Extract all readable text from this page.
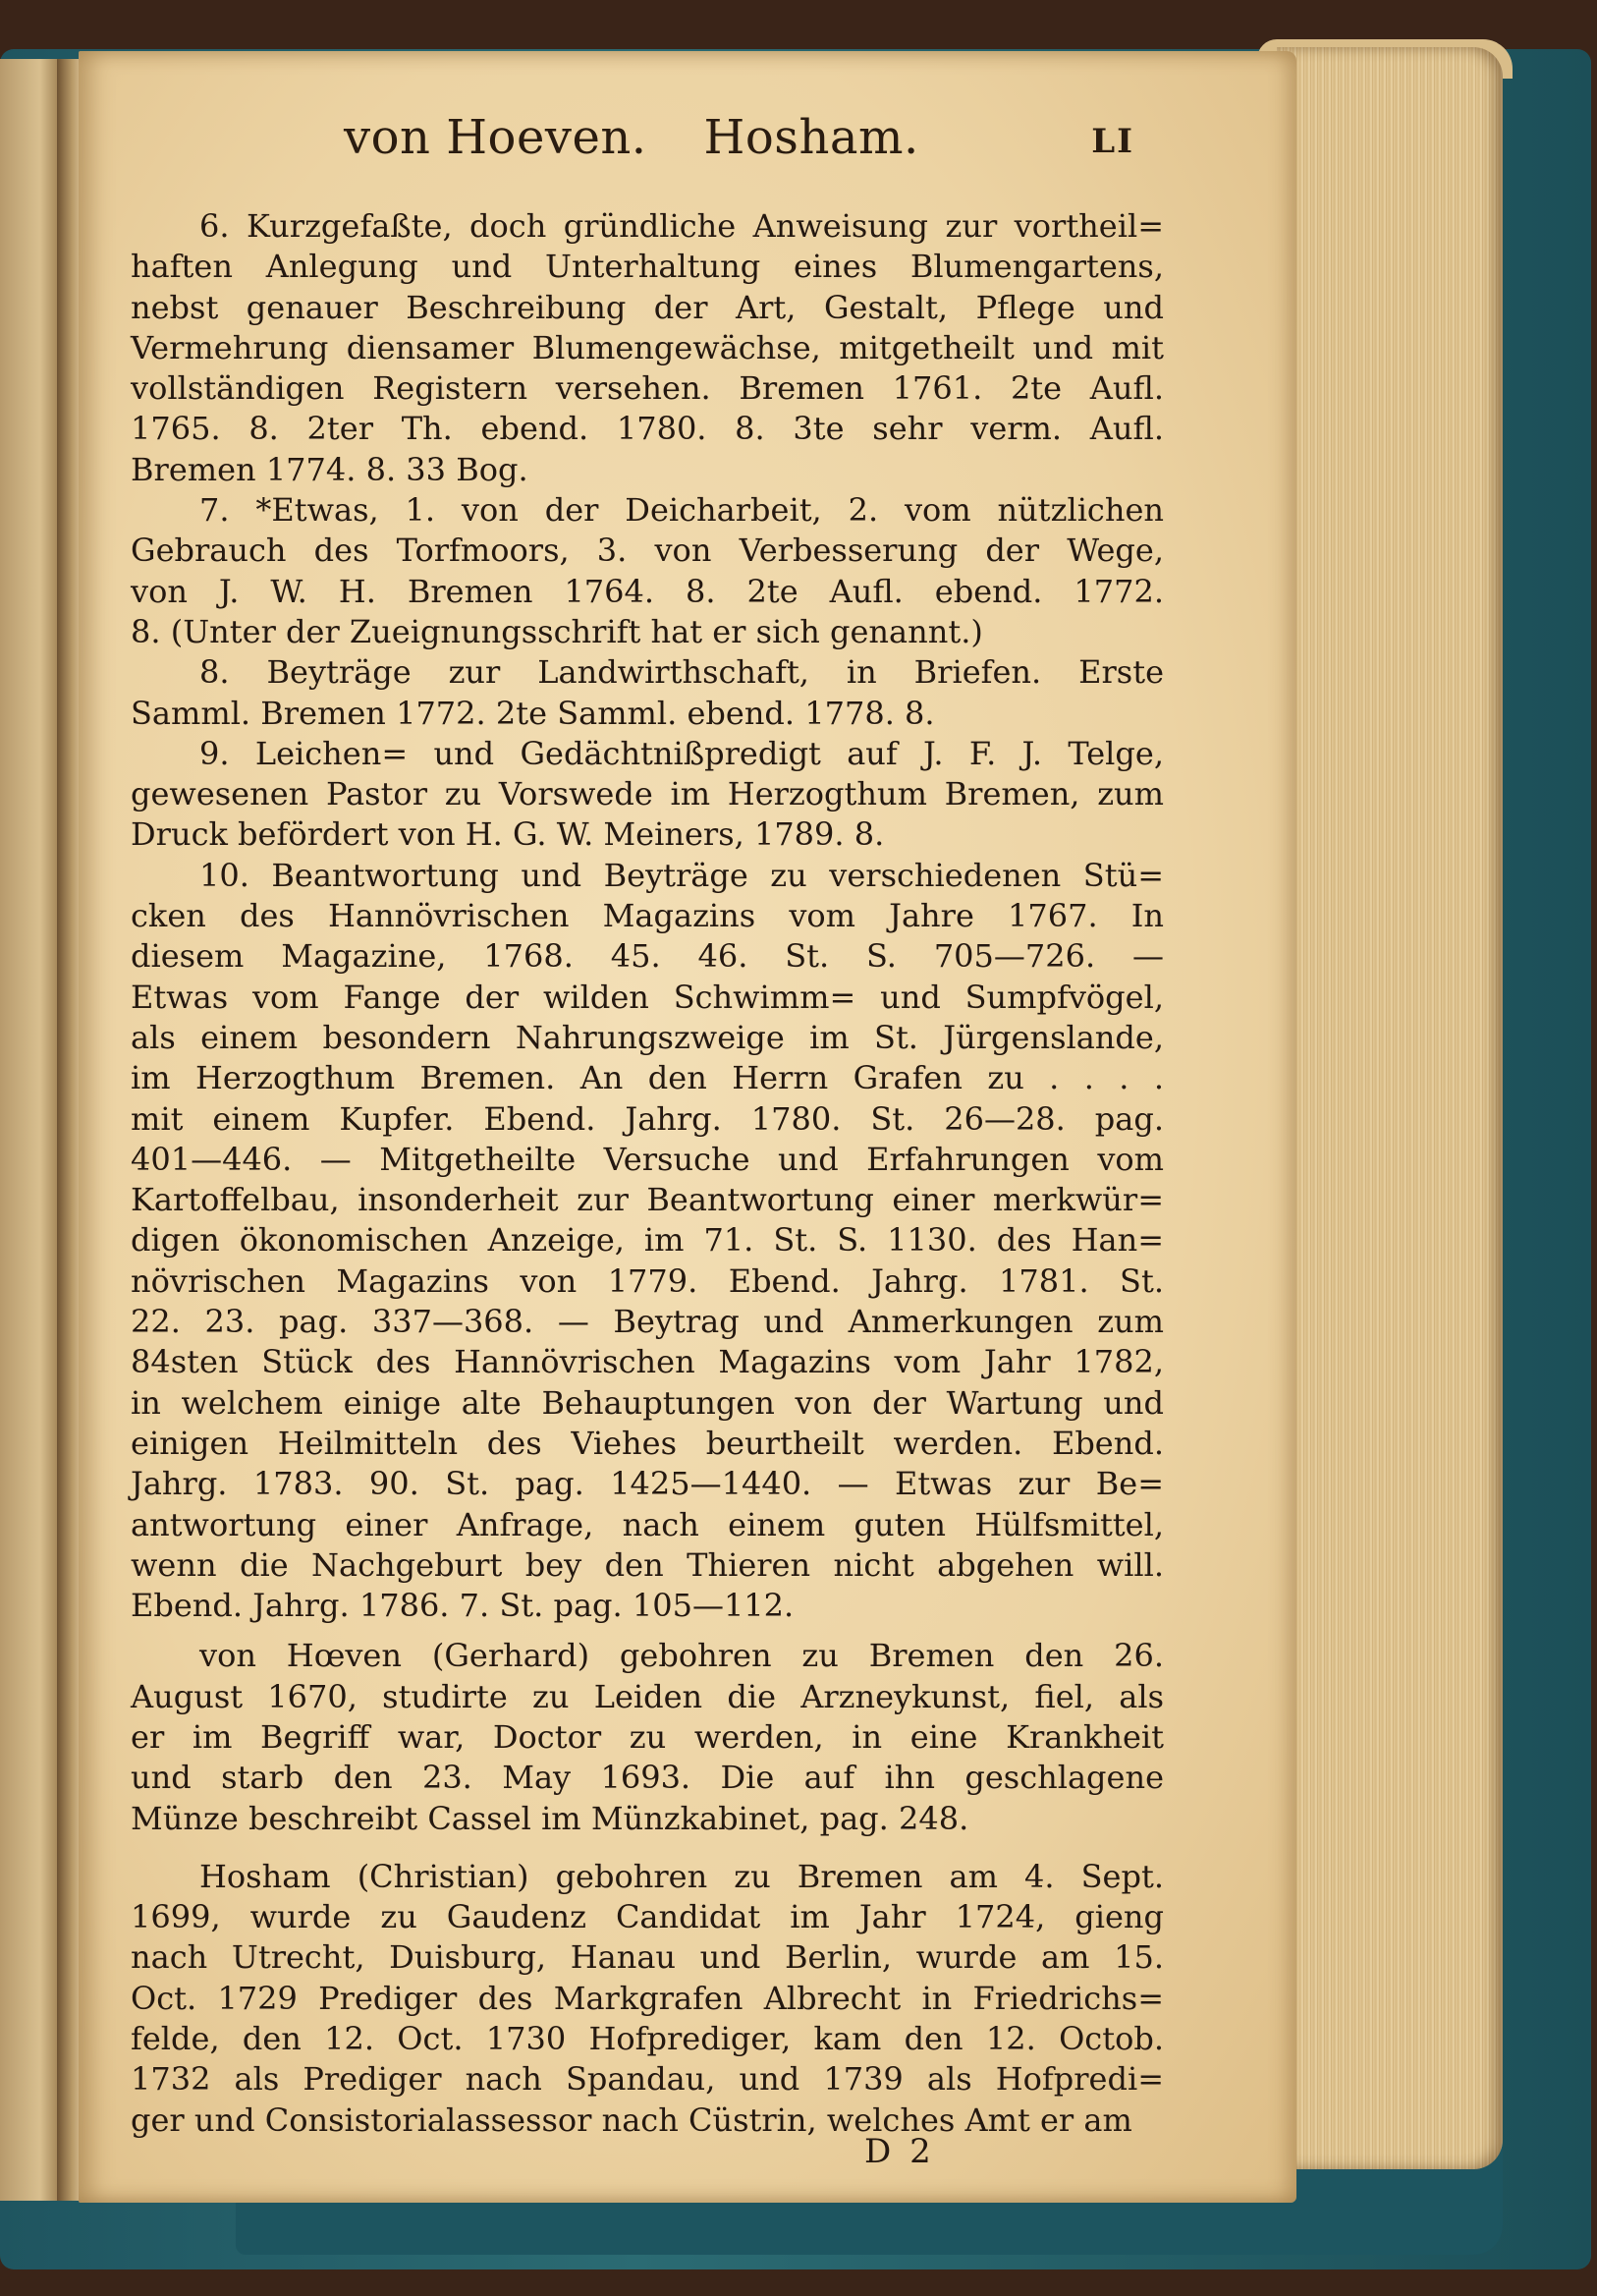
von Hoeven. Hosham.	LI
6. Kurzgefaßte, doch gründliche Anweisung zur vortheil=
haften Anlegung und Unterhaltung eines Blumengartens,
nebst genauer Beschreibung der Art, Gestalt, Pflege und
Vermehrung diensamer Blumengewächse, mitgetheilt und mit
vollständigen Registern versehen. Bremen 1761. 2te Aufl.
1765. 8. 2ter Th. ebend. 1780. 8. 3te sehr verm. Aufl.
Bremen 1774. 8. 33 Bog.
7. *Etwas, 1. von der Deicharbeit, 2. vom nützlichen
Gebrauch des Torfmoors, 3. von Verbesserung der Wege,
von J. W. H. Bremen 1764. 8. 2te Aufl. ebend. 1772.
8. (Unter der Zueignungsschrift hat er sich genannt.)
8. Beyträge zur Landwirthschaft, in Briefen. Erste
Samml. Bremen 1772. 2te Samml. ebend. 1778. 8.
9. Leichen= und Gedächtnißpredigt auf J. F. J. Telge,
gewesenen Pastor zu Vorswede im Herzogthum Bremen, zum
Druck befördert von H. G. W. Meiners, 1789. 8.
10. Beantwortung und Beyträge zu verschiedenen Stü=
cken des Hannövrischen Magazins vom Jahre 1767. In
diesem Magazine, 1768. 45. 46. St. S. 705—726. —
Etwas vom Fange der wilden Schwimm= und Sumpfvögel,
als einem besondern Nahrungszweige im St. Jürgenslande,
im Herzogthum Bremen. An den Herrn Grafen zu . . . .
mit einem Kupfer. Ebend. Jahrg. 1780. St. 26—28. pag.
401—446. — Mitgetheilte Versuche und Erfahrungen vom
Kartoffelbau, insonderheit zur Beantwortung einer merkwür=
digen ökonomischen Anzeige, im 71. St. S. 1130. des Han=
növrischen Magazins von 1779. Ebend. Jahrg. 1781. St.
22. 23. pag. 337—368. — Beytrag und Anmerkungen zum
84sten Stück des Hannövrischen Magazins vom Jahr 1782,
in welchem einige alte Behauptungen von der Wartung und
einigen Heilmitteln des Viehes beurtheilt werden. Ebend.
Jahrg. 1783. 90. St. pag. 1425—1440. — Etwas zur Be=
antwortung einer Anfrage, nach einem guten Hülfsmittel,
wenn die Nachgeburt bey den Thieren nicht abgehen will.
Ebend. Jahrg. 1786. 7. St. pag. 105—112.
von Hœven (Gerhard) gebohren zu Bremen den 26.
August 1670, studirte zu Leiden die Arzneykunst, fiel, als
er im Begriff war, Doctor zu werden, in eine Krankheit
und starb den 23. May 1693. Die auf ihn geschlagene
Münze beschreibt Cassel im Münzkabinet, pag. 248.
Hosham (Christian) gebohren zu Bremen am 4. Sept.
1699, wurde zu Gaudenz Candidat im Jahr 1724, gieng
nach Utrecht, Duisburg, Hanau und Berlin, wurde am 15.
Oct. 1729 Prediger des Markgrafen Albrecht in Friedrichs=
felde, den 12. Oct. 1730 Hofprediger, kam den 12. Octob.
1732 als Prediger nach Spandau, und 1739 als Hofpredi=
ger und Consistorialassessor nach Cüstrin, welches Amt er am
D 2
